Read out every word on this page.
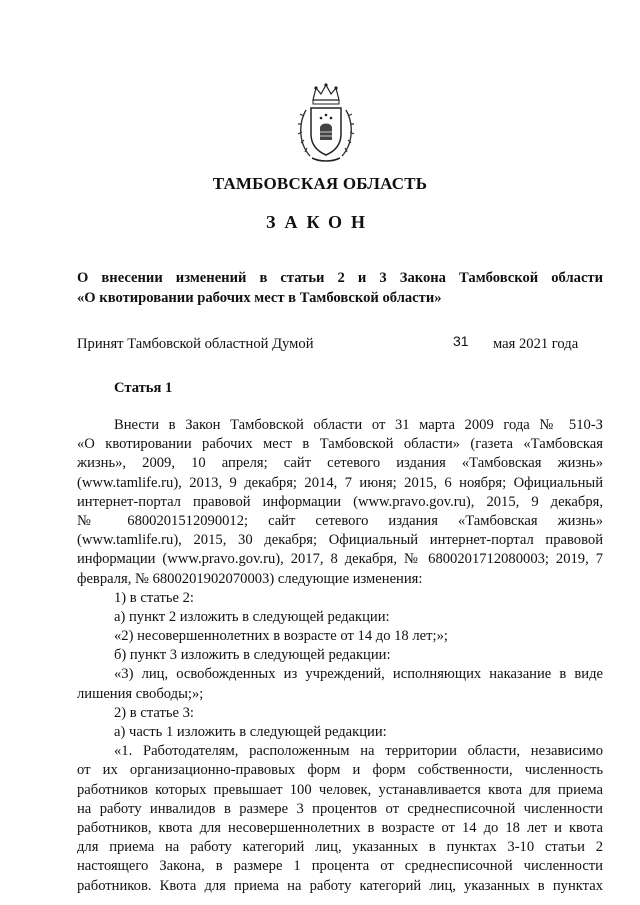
ТАМБОВСКАЯ ОБЛАСТЬ
ЗАКОН
О внесении изменений в статьи 2 и 3 Закона Тамбовской области
«О квотировании рабочих мест в Тамбовской области»
Принят Тамбовской областной Думой	31 мая 2021 года
Статья 1
Внести в Закон Тамбовской области от 31 марта 2009 года № 510-З
«О квотировании рабочих мест в Тамбовской области» (газета «Тамбовская
жизнь», 2009, 10 апреля; сайт сетевого издания «Тамбовская жизнь»
(www.tamlife.ru), 2013, 9 декабря; 2014, 7 июня; 2015, 6 ноября; Официальный
интернет-портал правовой информации (www.pravo.gov.ru), 2015, 9 декабря,
№ 6800201512090012; сайт сетевого издания «Тамбовская жизнь»
(www.tamlife.ru), 2015, 30 декабря; Официальный интернет-портал правовой
информации (www.pravo.gov.ru), 2017, 8 декабря, № 6800201712080003; 2019, 7
февраля, № 6800201902070003) следующие изменения:
1) в статье 2:
а) пункт 2 изложить в следующей редакции:
«2) несовершеннолетних в возрасте от 14 до 18 лет;»;
б) пункт 3 изложить в следующей редакции:
«3) лиц, освобожденных из учреждений, исполняющих наказание в виде
лишения свободы;»;
2) в статье 3:
а) часть 1 изложить в следующей редакции:
«1. Работодателям, расположенным на территории области, независимо
от их организационно-правовых форм и форм собственности, численность
работников которых превышает 100 человек, устанавливается квота для приема
на работу инвалидов в размере 3 процентов от среднесписочной численности
работников, квота для несовершеннолетних в возрасте от 14 до 18 лет и квота
для приема на работу категорий лиц, указанных в пунктах 3-10 статьи 2
настоящего Закона, в размере 1 процента от среднесписочной численности
работников. Квота для приема на работу категорий лиц, указанных в пунктах
